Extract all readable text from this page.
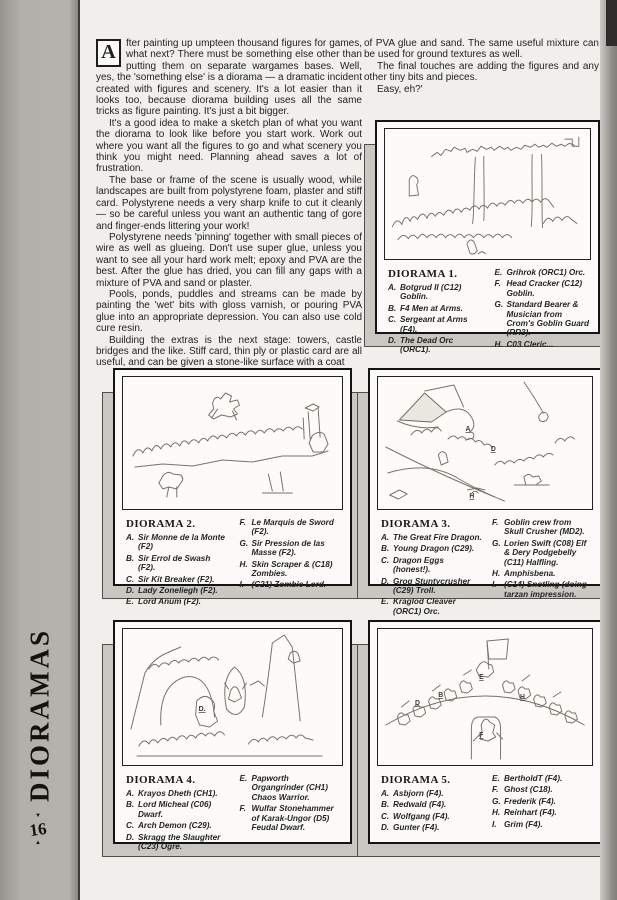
DIORAMAS
▼
16
▲

A	fter painting up umpteen thousand figures for games, what next? There must be something else other than putting them on separate wargames bases. Well, yes, the 'something else' is a diorama — a dramatic incident created with figures and scenery. It's a lot easier than it looks too, because diorama building uses all the same tricks as figure painting. It's just a bit bigger.

It's a good idea to make a sketch plan of what you want the diorama to look like before you start work. Work out where you want all the figures to go and what scenery you think you might need. Planning ahead saves a lot of frustration.

The base or frame of the scene is usually wood, while landscapes are built from polystyrene foam, plaster and stiff card. Polystyrene needs a very sharp knife to cut it cleanly — so be careful unless you want an authentic tang of gore and finger-ends littering your work!

Polystyrene needs 'pinning' together with small pieces of wire as well as glueing. Don't use super glue, unless you want to see all your hard work melt; epoxy and PVA are the best. After the glue has dried, you can fill any gaps with a mixture of PVA and sand or plaster.

Pools, ponds, puddles and streams can be made by painting the 'wet' bits with gloss varnish, or pouring PVA glue into an appropriate depression. You can also use cold cure resin.

Building the extras is the next stage: towers, castle bridges and the like. Stiff card, thin ply or plastic card are all useful, and can be given a stone-like surface with a coat

of PVA glue and sand. The same useful mixture can be used for ground textures as well.

The final touches are adding the figures and any other tiny bits and pieces.

Easy, eh?'

DIORAMA 1.
A. Botgrud II (C12) Goblin.
B. F4 Men at Arms.
C. Sergeant at Arms (F4).
D. The Dead Orc (ORC1).
E. Grihrok (ORC1) Orc.
F. Head Cracker (C12) Goblin.
G. Standard Bearer & Musician from Crom's Goblin Guard (RR3).
H. C03 Cleric...
DIORAMA 2.
A. Sir Monne de la Monte (F2)
B. Sir Errol de Swash (F2).
C. Sir Kit Breaker (F2).
D. Lady Zoneliegh (F2).
E. Lord Anum (F2).
F. Le Marquis de Sword (F2).
G. Sir Pression de las Masse (F2).
H. Skin Scraper & (C18) Zombies.
I. (C21) Zombie Lord.
A
D
H
DIORAMA 3.
A. The Great Fire Dragon.
B. Young Dragon (C29).
C. Dragon Eggs (honest!).
D. Grog Stuntycrusher (C29) Troll.
E. Kraglod Cleaver (ORC1) Orc.
F. Goblin crew from Skull Crusher (MD2).
G. Lorien Swift (C08) Elf & Dery Podgebelly (C11) Halfling.
H. Amphisbena.
I. (C14) Snotling (doing tarzan impression.
D.
DIORAMA 4.
A. Krayos Dheth (CH1).
B. Lord Micheal (C06) Dwarf.
C. Arch Demon (C29).
D. Skragg the Slaughter (C23) Ogre.
E. Papworth Organgrinder (CH1) Chaos Warrior.
F. Wulfar Stonehammer of Karak-Ungor (D5) Feudal Dwarf.
E
B
D
H
F
DIORAMA 5.
A. Asbjorn (F4).
B. Redwald (F4).
C. Wolfgang (F4).
D. Gunter (F4).
E. BertholdT (F4).
F. Ghost (C18).
G. Frederik (F4).
H. Reinhart (F4).
I. Grim (F4).
